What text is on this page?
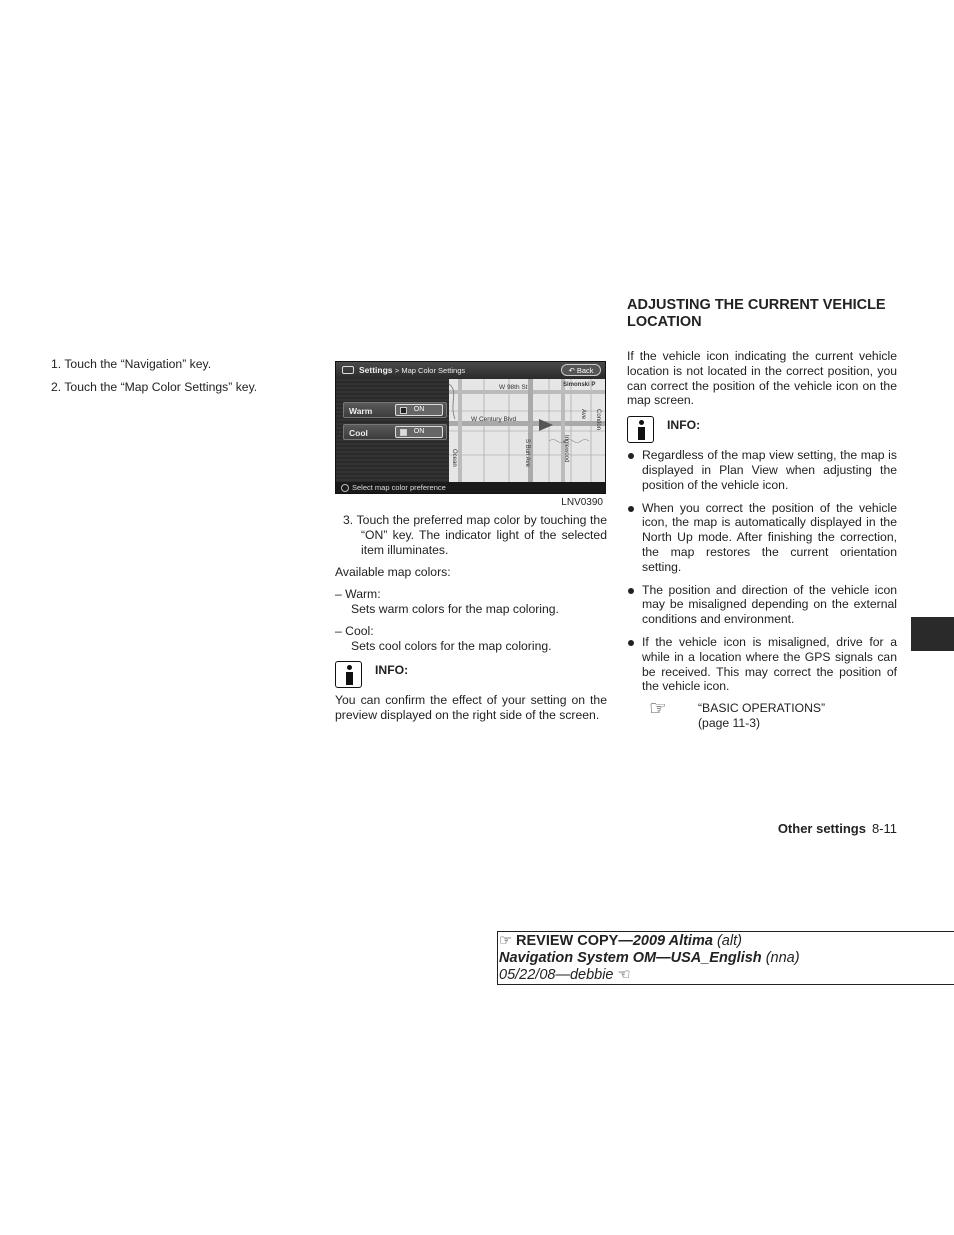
1. Touch the “Navigation” key.
2. Touch the “Map Color Settings” key.
Settings > Map Color Settings	↶ Back
Warm	ON
Cool	ON
W 98th St	Simonski P
W Century Blvd
S Burl Ave	Inglewood
Condon Ave
Ocean
Select map color preference
LNV0390
3. Touch the preferred map color by touching the “ON” key. The indicator light of the selected item illuminates.
Available map colors:
– Warm:
Sets warm colors for the map coloring.
– Cool:
Sets cool colors for the map coloring.
INFO:
You can confirm the effect of your setting on the preview displayed on the right side of the screen.
ADJUSTING THE CURRENT VEHICLE LOCATION
If the vehicle icon indicating the current vehicle location is not located in the correct position, you can correct the position of the vehicle icon on the map screen.
INFO:
Regardless of the map view setting, the map is displayed in Plan View when adjusting the position of the vehicle icon.
When you correct the position of the vehicle icon, the map is automatically displayed in the North Up mode. After finishing the correction, the map restores the current orientation setting.
The position and direction of the vehicle icon may be misaligned depending on the external conditions and environment.
If the vehicle icon is misaligned, drive for a while in a location where the GPS signals can be received. This may correct the position of the vehicle icon.
☞	“BASIC OPERATIONS”
(page 11-3)
Other settings 8-11
☞ REVIEW COPY—2009 Altima (alt)
Navigation System OM—USA_English (nna)
05/22/08—debbie ☜
